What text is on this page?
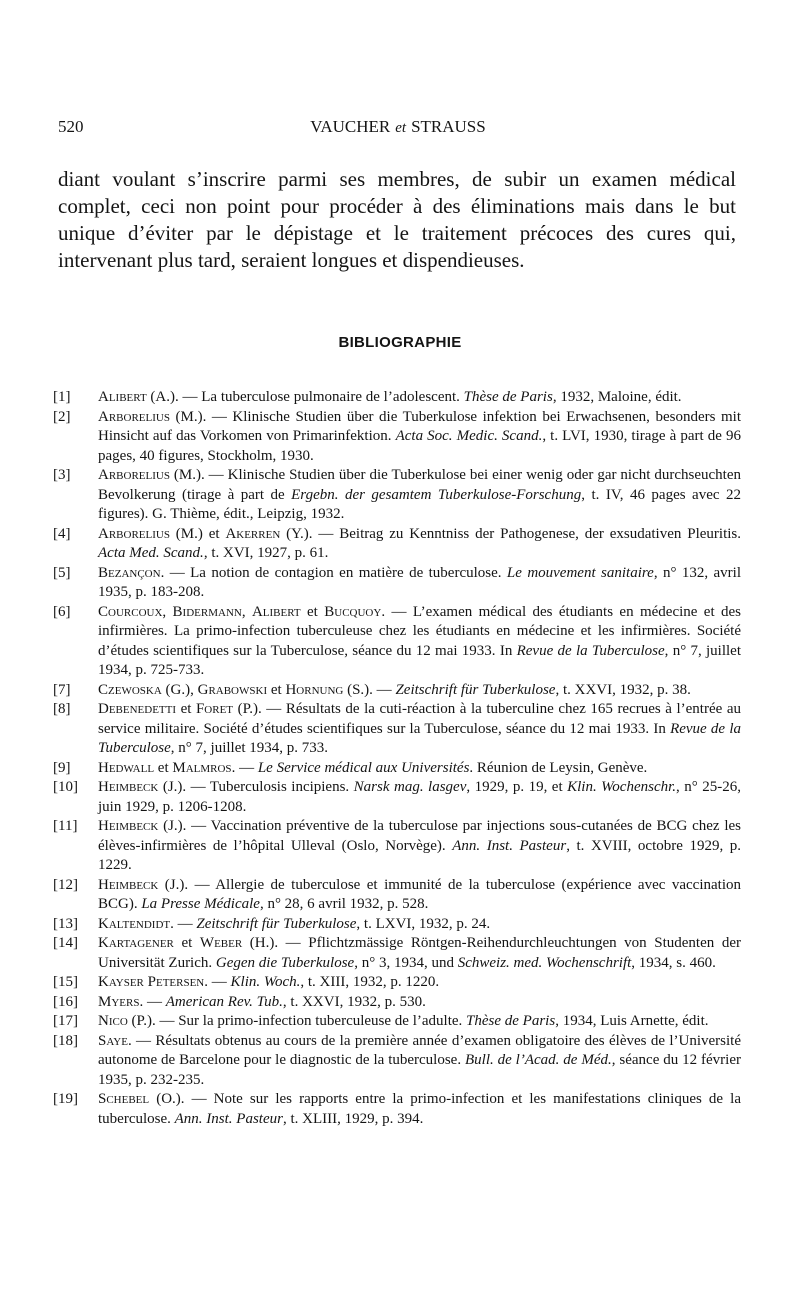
520	VAUCHER et STRAUSS

diant voulant s’inscrire parmi ses membres, de subir un examen médical complet, ceci non point pour procéder à des éliminations mais dans le but unique d’éviter par le dépistage et le traitement précoces des cures qui, intervenant plus tard, seraient longues et dispendieuses.

BIBLIOGRAPHIE
[1] Alibert (A.). — La tuberculose pulmonaire de l’adolescent. Thèse de Paris, 1932, Maloine, édit.
[2] Arborelius (M.). — Klinische Studien über die Tuberkulose infektion bei Erwachsenen, besonders mit Hinsicht auf das Vorkomen von Primarinfektion. Acta Soc. Medic. Scand., t. LVI, 1930, tirage à part de 96 pages, 40 figures, Stockholm, 1930.
[3] Arborelius (M.). — Klinische Studien über die Tuberkulose bei einer wenig oder gar nicht durchseuchten Bevolkerung (tirage à part de Ergebn. der gesamtem Tuberkulose-Forschung, t. IV, 46 pages avec 22 figures). G. Thième, édit., Leipzig, 1932.
[4] Arborelius (M.) et Akerren (Y.). — Beitrag zu Kenntniss der Pathogenese, der exsudativen Pleuritis. Acta Med. Scand., t. XVI, 1927, p. 61.
[5] Bezançon. — La notion de contagion en matière de tuberculose. Le mouvement sanitaire, n° 132, avril 1935, p. 183-208.
[6] Courcoux, Bidermann, Alibert et Bucquoy. — L’examen médical des étudiants en médecine et des infirmières. La primo-infection tuberculeuse chez les étudiants en médecine et les infirmières. Société d’études scientifiques sur la Tuberculose, séance du 12 mai 1933. In Revue de la Tuberculose, n° 7, juillet 1934, p. 725-733.
[7] Czewoska (G.), Grabowski et Hornung (S.). — Zeitschrift für Tuberkulose, t. XXVI, 1932, p. 38.
[8] Debenedetti et Foret (P.). — Résultats de la cuti-réaction à la tuberculine chez 165 recrues à l’entrée au service militaire. Société d’études scientifiques sur la Tuberculose, séance du 12 mai 1933. In Revue de la Tuberculose, n° 7, juillet 1934, p. 733.
[9] Hedwall et Malmros. — Le Service médical aux Universités. Réunion de Leysin, Genève.
[10] Heimbeck (J.). — Tuberculosis incipiens. Narsk mag. lasgev, 1929, p. 19, et Klin. Wochenschr., n° 25-26, juin 1929, p. 1206-1208.
[11] Heimbeck (J.). — Vaccination préventive de la tuberculose par injections sous-cutanées de BCG chez les élèves-infirmières de l’hôpital Ulleval (Oslo, Norvège). Ann. Inst. Pasteur, t. XVIII, octobre 1929, p. 1229.
[12] Heimbeck (J.). — Allergie de tuberculose et immunité de la tuberculose (expérience avec vaccination BCG). La Presse Médicale, n° 28, 6 avril 1932, p. 528.
[13] Kaltendidt. — Zeitschrift für Tuberkulose, t. LXVI, 1932, p. 24.
[14] Kartagener et Weber (H.). — Pflichtzmässige Röntgen-Reihendurchleuchtungen von Studenten der Universität Zurich. Gegen die Tuberkulose, n° 3, 1934, und Schweiz. med. Wochenschrift, 1934, s. 460.
[15] Kayser Petersen. — Klin. Woch., t. XIII, 1932, p. 1220.
[16] Myers. — American Rev. Tub., t. XXVI, 1932, p. 530.
[17] Nico (P.). — Sur la primo-infection tuberculeuse de l’adulte. Thèse de Paris, 1934, Luis Arnette, édit.
[18] Saye. — Résultats obtenus au cours de la première année d’examen obligatoire des élèves de l’Université autonome de Barcelone pour le diagnostic de la tuberculose. Bull. de l’Acad. de Méd., séance du 12 février 1935, p. 232-235.
[19] Schebel (O.). — Note sur les rapports entre la primo-infection et les manifestations cliniques de la tuberculose. Ann. Inst. Pasteur, t. XLIII, 1929, p. 394.
